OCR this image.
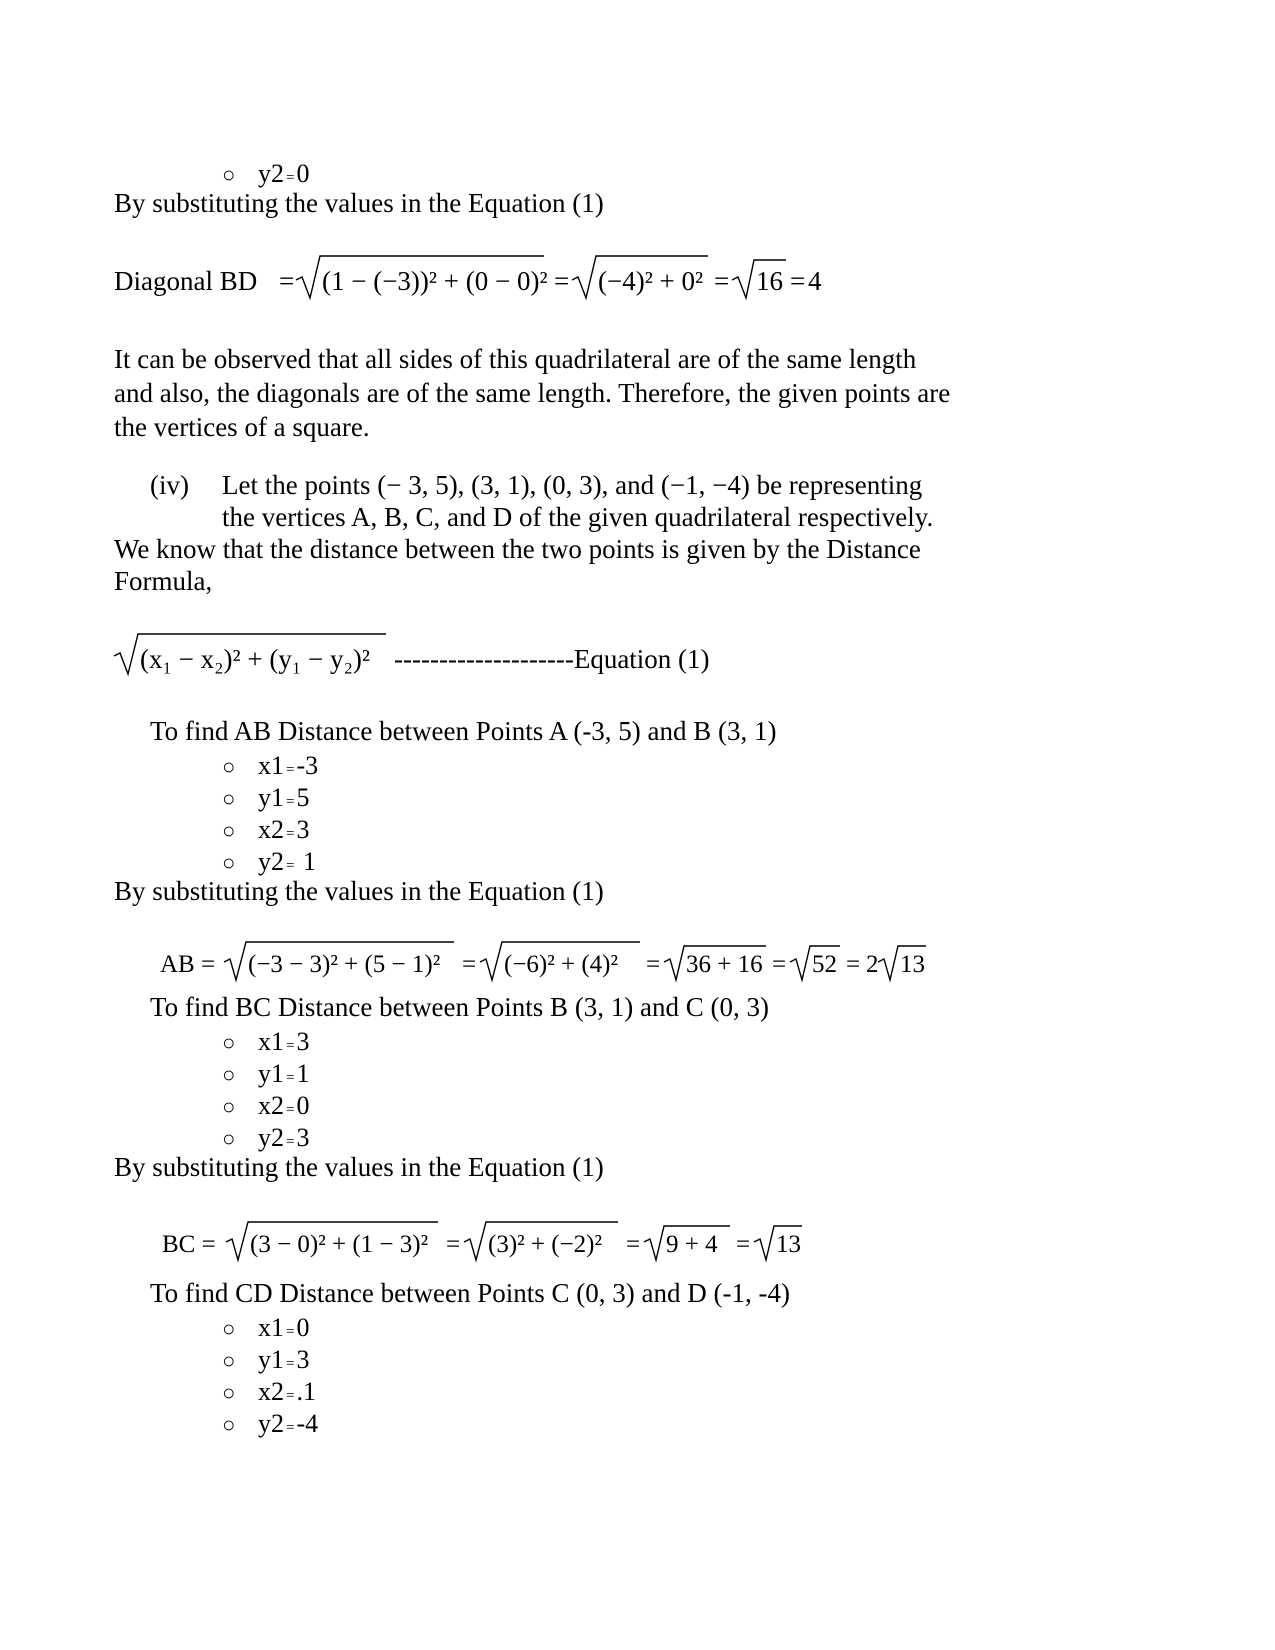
○ y2 =0
By substituting the values in the Equation (1)
Diagonal BD = (1 − (−3))² + (0 − 0)² = (−4)² + 0² = 16 = 4
It can be observed that all sides of this quadrilateral are of the same length
and also, the diagonals are of the same length. Therefore, the given points are
the vertices of a square.
(iv) Let the points (− 3, 5), (3, 1), (0, 3), and (−1, −4) be representing
the vertices A, B, C, and D of the given quadrilateral respectively.
We know that the distance between the two points is given by the Distance
Formula,
(x₁ − x₂)² + (y₁ − y₂)² --------------------Equation (1)
To find AB Distance between Points A (-3, 5) and B (3, 1)
○ x1 =-3
○ y1 =5
○ x2 =3
○ y2 = 1
By substituting the values in the Equation (1)
AB = (−3 − 3)² + (5 − 1)² = (−6)² + (4)² = 36 + 16 = 52 = 2 13
To find BC Distance between Points B (3, 1) and C (0, 3)
○ x1 =3
○ y1 =1
○ x2 =0
○ y2 =3
By substituting the values in the Equation (1)
BC = (3 − 0)² + (1 − 3)² = (3)² + (−2)² = 9 + 4 = 13
To find CD Distance between Points C (0, 3) and D (-1, -4)
○ x1 =0
○ y1 =3
○ x2 =.1
○ y2 =-4
